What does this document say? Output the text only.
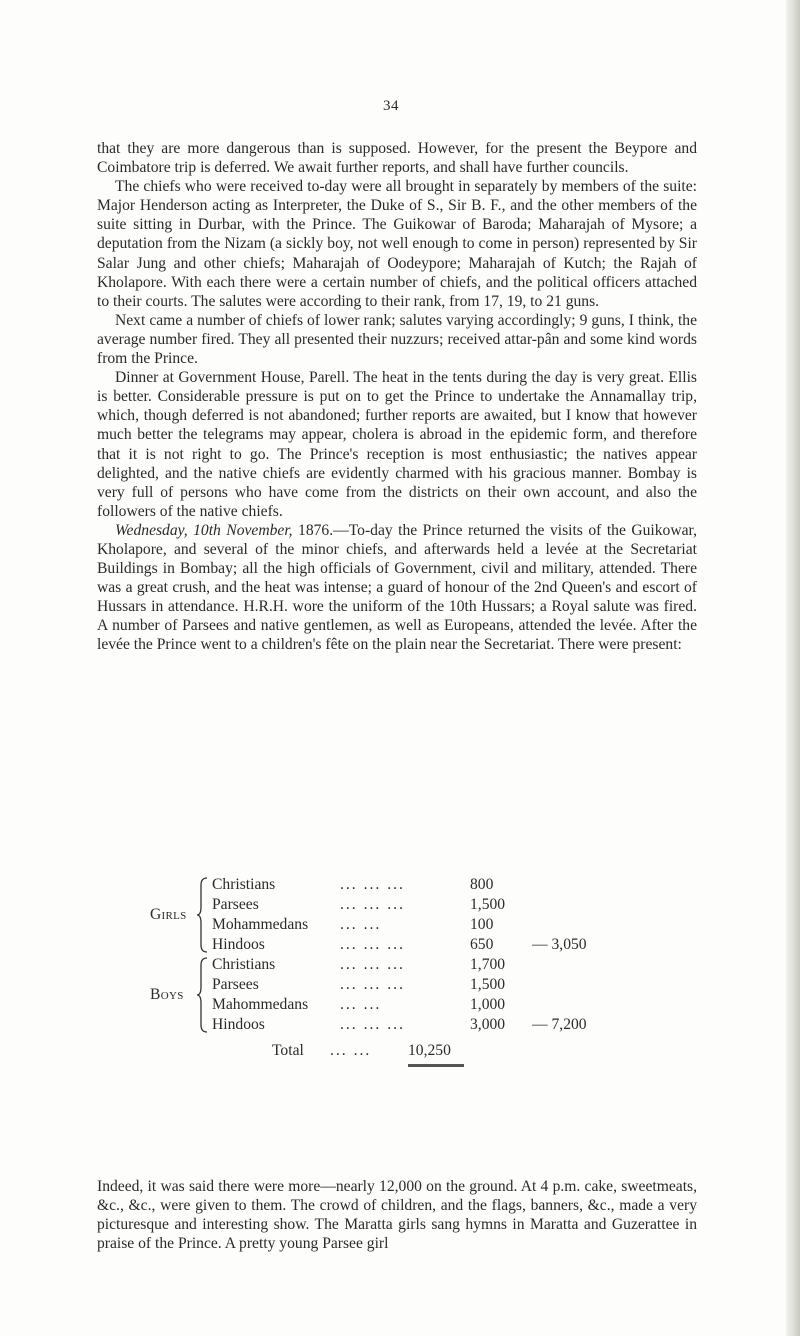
34

that they are more dangerous than is supposed. However, for the present the Beypore and Coimbatore trip is deferred. We await further reports, and shall have further councils.

The chiefs who were received to-day were all brought in separately by members of the suite: Major Henderson acting as Interpreter, the Duke of S., Sir B. F., and the other members of the suite sitting in Durbar, with the Prince. The Guikowar of Baroda; Maharajah of Mysore; a deputation from the Nizam (a sickly boy, not well enough to come in person) represented by Sir Salar Jung and other chiefs; Maharajah of Oodeypore; Maharajah of Kutch; the Rajah of Kholapore. With each there were a certain number of chiefs, and the political officers attached to their courts. The salutes were according to their rank, from 17, 19, to 21 guns.

Next came a number of chiefs of lower rank; salutes varying accordingly; 9 guns, I think, the average number fired. They all presented their nuzzurs; received attar-pân and some kind words from the Prince.

Dinner at Government House, Parell. The heat in the tents during the day is very great. Ellis is better. Considerable pressure is put on to get the Prince to undertake the Annamallay trip, which, though deferred is not abandoned; further reports are awaited, but I know that however much better the telegrams may appear, cholera is abroad in the epidemic form, and therefore that it is not right to go. The Prince's reception is most enthusiastic; the natives appear delighted, and the native chiefs are evidently charmed with his gracious manner. Bombay is very full of persons who have come from the districts on their own account, and also the followers of the native chiefs.

Wednesday, 10th November, 1876.—To-day the Prince returned the visits of the Guikowar, Kholapore, and several of the minor chiefs, and afterwards held a levée at the Secretariat Buildings in Bombay; all the high officials of Government, civil and military, attended. There was a great crush, and the heat was intense; a guard of honour of the 2nd Queen's and escort of Hussars in attendance. H.R.H. wore the uniform of the 10th Hussars; a Royal salute was fired. A number of Parsees and native gentlemen, as well as Europeans, attended the levée. After the levée the Prince went to a children's fête on the plain near the Secretariat. There were present:

Girls
Christians	... ... ...	800
Parsees	... ... ...	1,500
Mohammedans ... ...	100
Hindoos	... ... ...	650 — 3,050
Boys
Christians	... ... ...	1,700
Parsees	... ... ...	1,500
Mahommedans ... ...	1,000
Hindoos	... ... ...	3,000 — 7,200
Total ... ... 10,250

Indeed, it was said there were more—nearly 12,000 on the ground. At 4 p.m. cake, sweetmeats, &c., &c., were given to them. The crowd of children, and the flags, banners, &c., made a very picturesque and interesting show. The Maratta girls sang hymns in Maratta and Guzerattee in praise of the Prince. A pretty young Parsee girl
